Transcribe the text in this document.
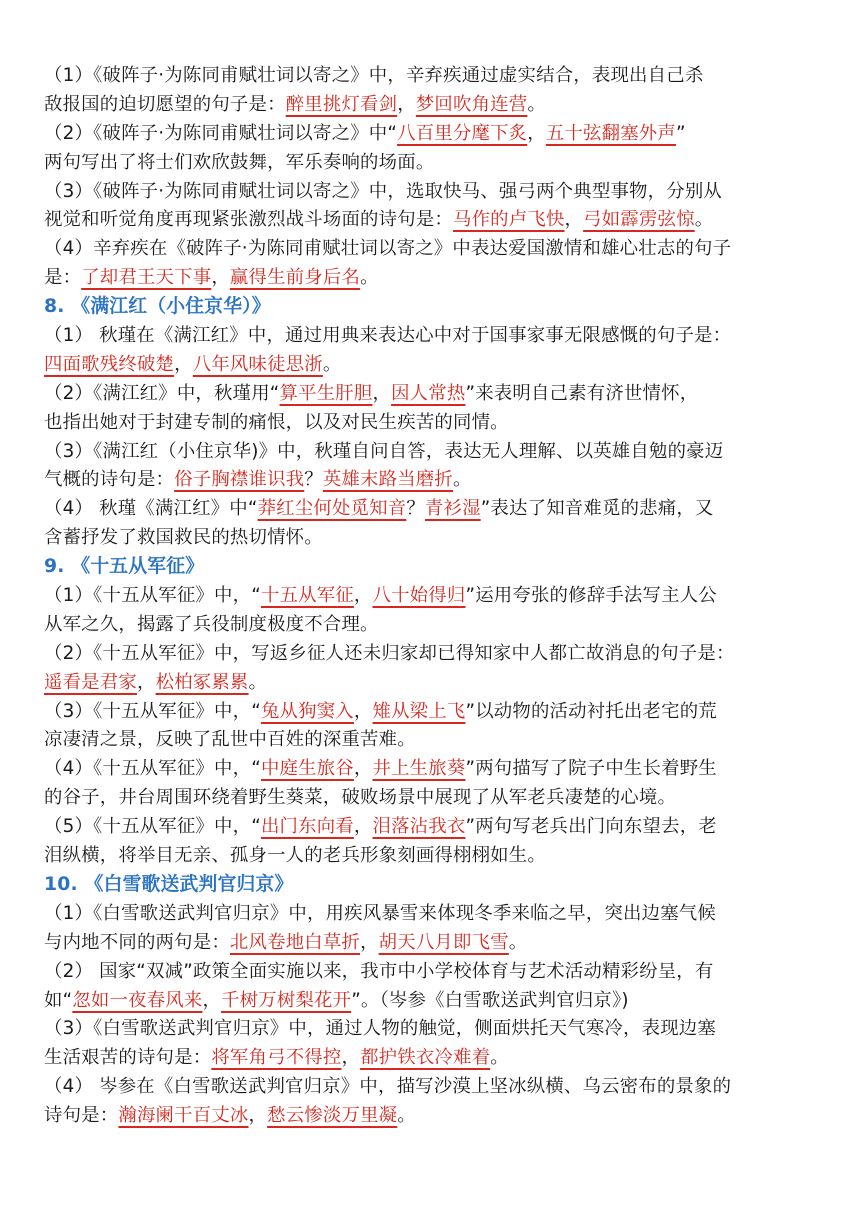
（1）《破阵子·为陈同甫赋壮词以寄之》中，辛弃疾通过虚实结合，表现出自己杀
敌报国的迫切愿望的句子是：醉里挑灯看剑，梦回吹角连营。
（2）《破阵子·为陈同甫赋壮词以寄之》中“八百里分麾下炙，五十弦翻塞外声”
两句写出了将士们欢欣鼓舞，军乐奏响的场面。
（3）《破阵子·为陈同甫赋壮词以寄之》中，选取快马、强弓两个典型事物，分别从
视觉和听觉角度再现紧张激烈战斗场面的诗句是：马作的卢飞快，弓如霹雳弦惊。
（4）辛弃疾在《破阵子·为陈同甫赋壮词以寄之》中表达爱国激情和雄心壮志的句子
是：了却君王天下事，赢得生前身后名。
8. 《满江红（小住京华）》
（1） 秋瑾在《满江红》中，通过用典来表达心中对于国事家事无限感慨的句子是：
四面歌残终破楚，八年风味徒思浙。
（2）《满江红》中，秋瑾用“算平生肝胆，因人常热”来表明自己素有济世情怀，
也指出她对于封建专制的痛恨，以及对民生疾苦的同情。
（3）《满江红（小住京华)》中，秋瑾自问自答，表达无人理解、以英雄自勉的豪迈
气概的诗句是：俗子胸襟谁识我？英雄末路当磨折。
（4） 秋瑾《满江红》中“莽红尘何处觅知音？青衫湿”表达了知音难觅的悲痛，又
含蓄抒发了救国救民的热切情怀。
9. 《十五从军征》
（1）《十五从军征》中，“十五从军征，八十始得归”运用夸张的修辞手法写主人公
从军之久，揭露了兵役制度极度不合理。
（2）《十五从军征》中，写返乡征人还未归家却已得知家中人都亡故消息的句子是：
遥看是君家，松柏冢累累。
（3）《十五从军征》中，“兔从狗窦入，雉从梁上飞”以动物的活动衬托出老宅的荒
凉凄清之景，反映了乱世中百姓的深重苦难。
（4）《十五从军征》中，“中庭生旅谷，井上生旅葵”两句描写了院子中生长着野生
的谷子，井台周围环绕着野生葵菜，破败场景中展现了从军老兵凄楚的心境。
（5）《十五从军征》中，“出门东向看，泪落沾我衣”两句写老兵出门向东望去，老
泪纵横，将举目无亲、孤身一人的老兵形象刻画得栩栩如生。
10. 《白雪歌送武判官归京》
（1）《白雪歌送武判官归京》中，用疾风暴雪来体现冬季来临之早，突出边塞气候
与内地不同的两句是：北风卷地白草折，胡天八月即飞雪。
（2） 国家“双减”政策全面实施以来，我市中小学校体育与艺术活动精彩纷呈，有
如“忽如一夜春风来，千树万树梨花开”。（岑参《白雪歌送武判官归京》)
（3）《白雪歌送武判官归京》中，通过人物的触觉，侧面烘托天气寒冷，表现边塞
生活艰苦的诗句是：将军角弓不得控，都护铁衣冷难着。
（4） 岑参在《白雪歌送武判官归京》中，描写沙漠上坚冰纵横、乌云密布的景象的
诗句是：瀚海阑干百丈冰，愁云惨淡万里凝。
